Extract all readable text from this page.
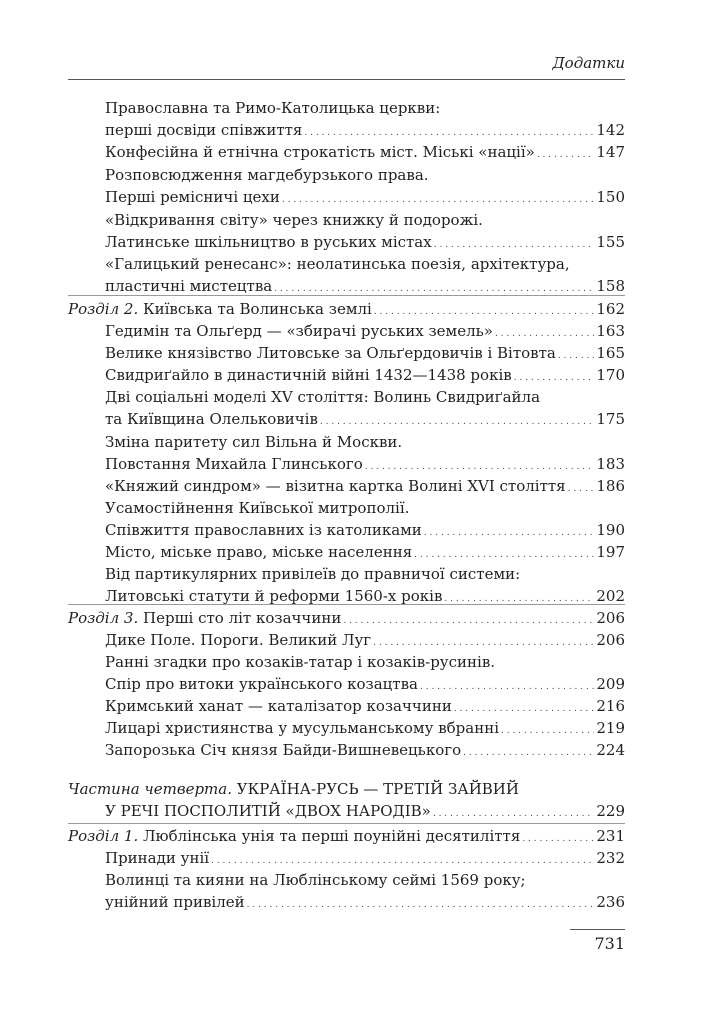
Додатки
Православна та Римо-Католицька церкви:
перші досвіди співжиття . . .	142
Конфесійна й етнічна строкатість міст. Міські «нації» . . .	147
Розповсюдження магдебурзького права.
Перші ремісничі цехи . . .	150
«Відкривання світу» через книжку й подорожі.
Латинське шкільництво в руських містах . . .	155
«Галицький ренесанс»: неолатинська поезія, архітектура,
пластичні мистецтва . . .	158
Розділ 2. Київська та Волинська землі . . .	162
Гедимін та Ольґерд — «збирачі руських земель» . . .	163
Велике князівство Литовське за Ольґердовичів і Вітовта . . .	165
Свидриґайло в династичній війні 1432—1438 років . . .	170
Дві соціальні моделі XV століття: Волинь Свидриґайла
та Київщина Олельковичів . . .	175
Зміна паритету сил Вільна й Москви.
Повстання Михайла Глинського . . .	183
«Княжий синдром» — візитна картка Волині XVI століття . . . 186
Усамостійнення Київської митрополії.
Співжиття православних із католиками . . .	190
Місто, міське право, міське населення . . .	197
Від партикулярних привілеїв до правничої системи:
Литовські статути й реформи 1560-х років . . .	202
Розділ 3. Перші сто літ козаччини . . .	206
Дике Поле. Пороги. Великий Луг . . .	206
Ранні згадки про козаків-татар і козаків-русинів.
Спір про витоки українського козацтва . . .	209
Кримський ханат — каталізатор козаччини . . .	216
Лицарі християнства у мусульманському вбранні . . .	219
Запорозька Січ князя Байди-Вишневецького . . .	224
Частина четверта. УКРАЇНА-РУСЬ — ТРЕТІЙ ЗАЙВИЙ
У РЕЧІ ПОСПОЛИТІЙ «ДВОХ НАРОДІВ» . . .	229
Розділ 1. Люблінська унія та перші поунійні десятиліття . . .	231
Принади унії . . .	232
Волинці та кияни на Люблінському сеймі 1569 року;
унійний привілей . . .	236
731
